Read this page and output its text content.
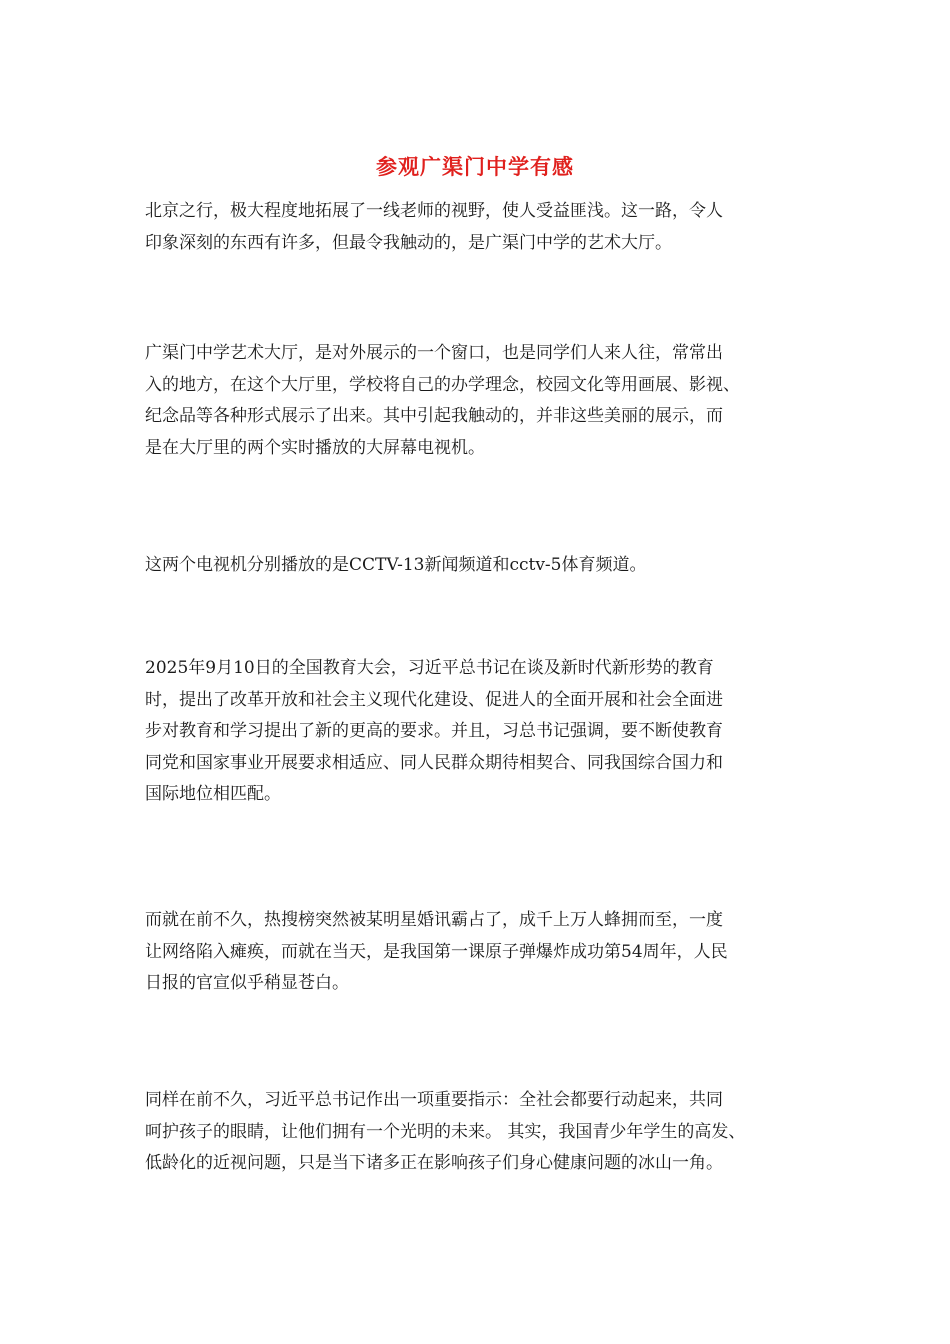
参观广渠门中学有感
北京之行，极大程度地拓展了一线老师的视野，使人受益匪浅。这一路，令人
印象深刻的东西有许多，但最令我触动的，是广渠门中学的艺术大厅。
广渠门中学艺术大厅，是对外展示的一个窗口，也是同学们人来人往，常常出
入的地方，在这个大厅里，学校将自己的办学理念，校园文化等用画展、影视、
纪念品等各种形式展示了出来。其中引起我触动的，并非这些美丽的展示，而
是在大厅里的两个实时播放的大屏幕电视机。
这两个电视机分别播放的是CCTV-13新闻频道和cctv-5体育频道。
2025年9月10日的全国教育大会，习近平总书记在谈及新时代新形势的教育
时，提出了改革开放和社会主义现代化建设、促进人的全面开展和社会全面进
步对教育和学习提出了新的更高的要求。并且，习总书记强调，要不断使教育
同党和国家事业开展要求相适应、同人民群众期待相契合、同我国综合国力和
国际地位相匹配。
而就在前不久，热搜榜突然被某明星婚讯霸占了，成千上万人蜂拥而至，一度
让网络陷入瘫痪，而就在当天，是我国第一课原子弹爆炸成功第54周年，人民
日报的官宣似乎稍显苍白。
同样在前不久，习近平总书记作出一项重要指示：全社会都要行动起来，共同
呵护孩子的眼睛，让他们拥有一个光明的未来。 其实，我国青少年学生的高发、
低龄化的近视问题，只是当下诸多正在影响孩子们身心健康问题的冰山一角。
